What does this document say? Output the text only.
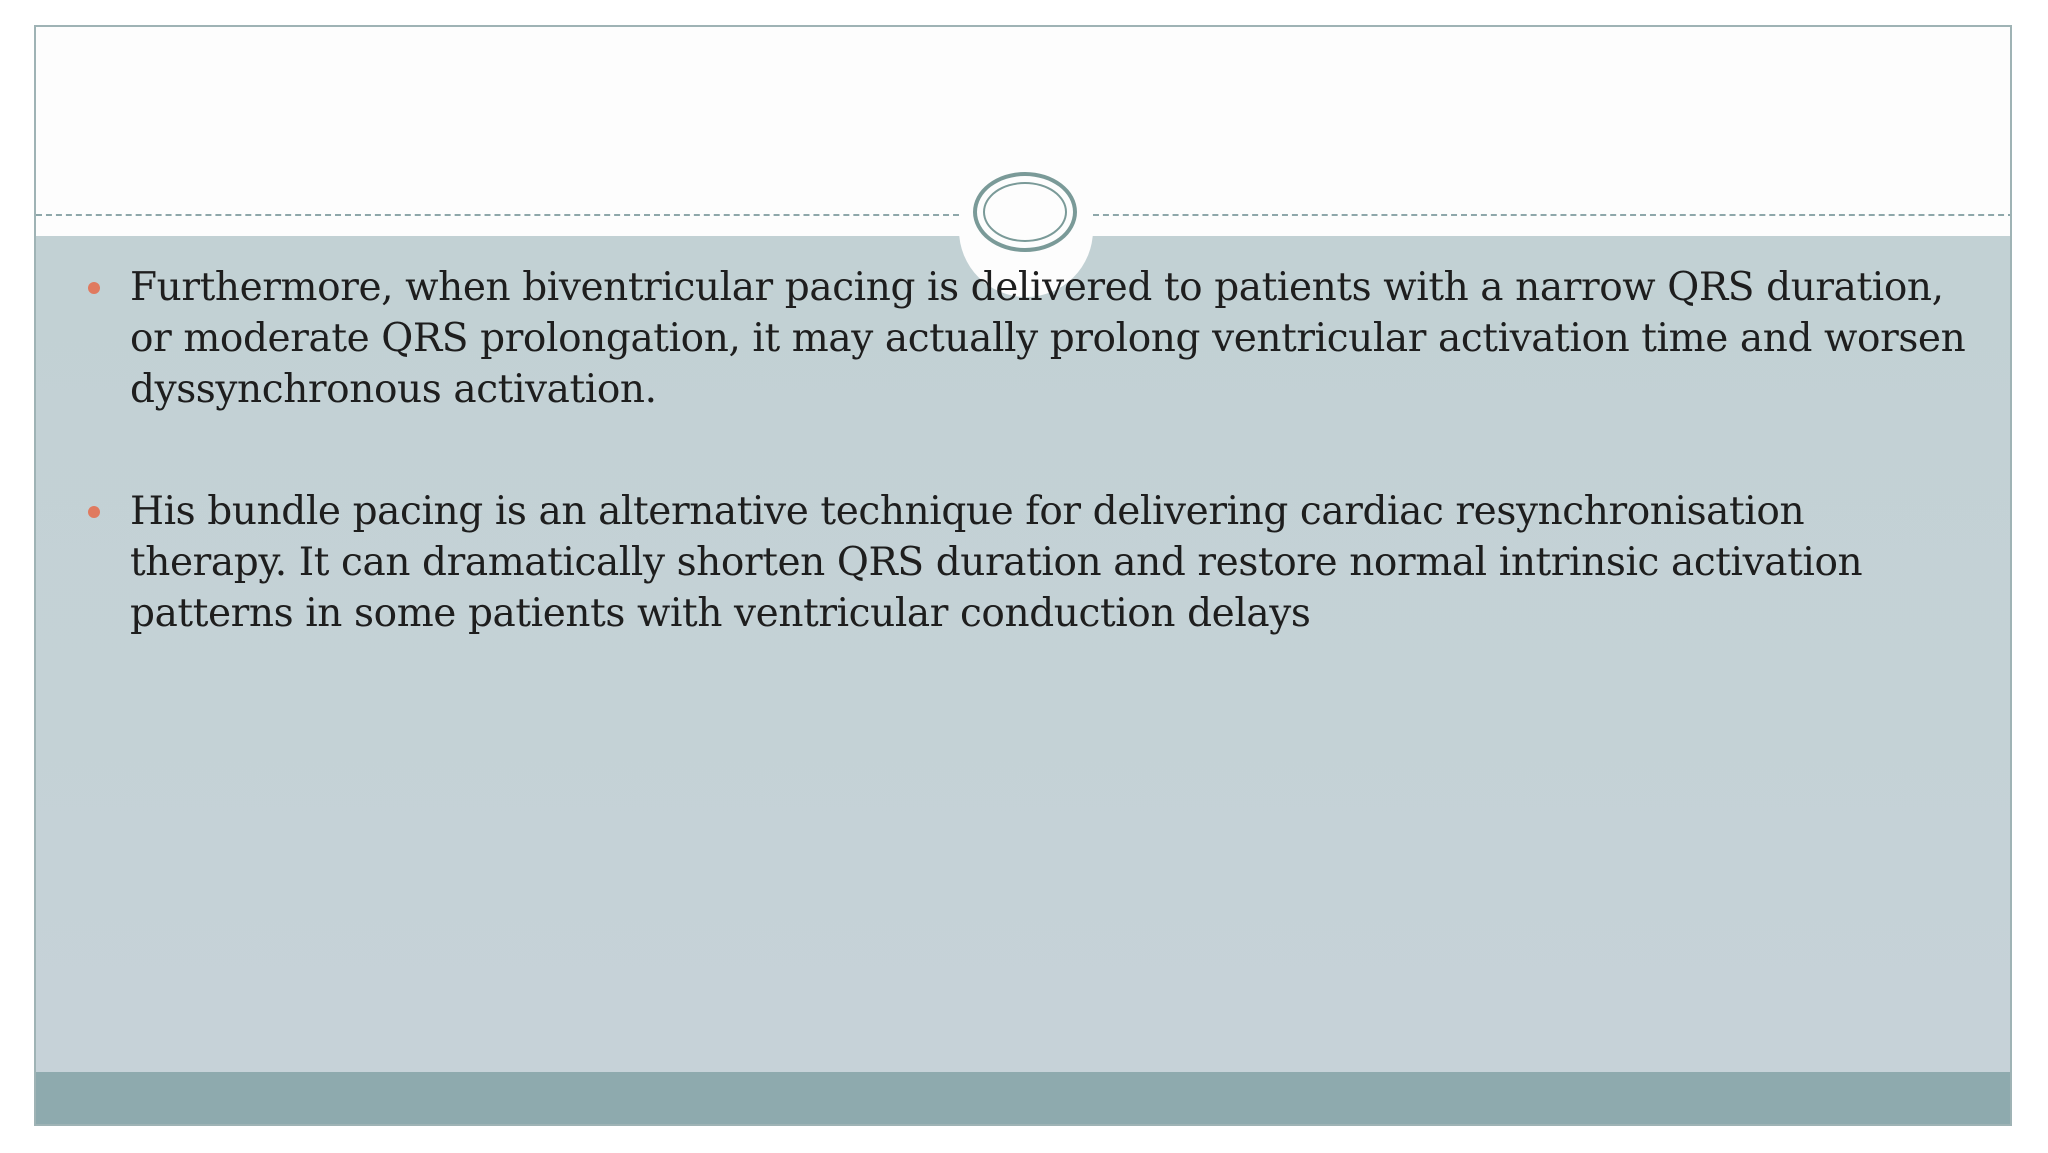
Furthermore, when biventricular pacing is delivered to patients with a narrow QRS duration, or moderate QRS prolongation, it may actually prolong ventricular activation time and worsen dyssynchronous activation.
His bundle pacing is an alternative technique for delivering cardiac resynchronisation therapy. It can dramatically shorten QRS duration and restore normal intrinsic activation patterns in some patients with ventricular conduction delays
